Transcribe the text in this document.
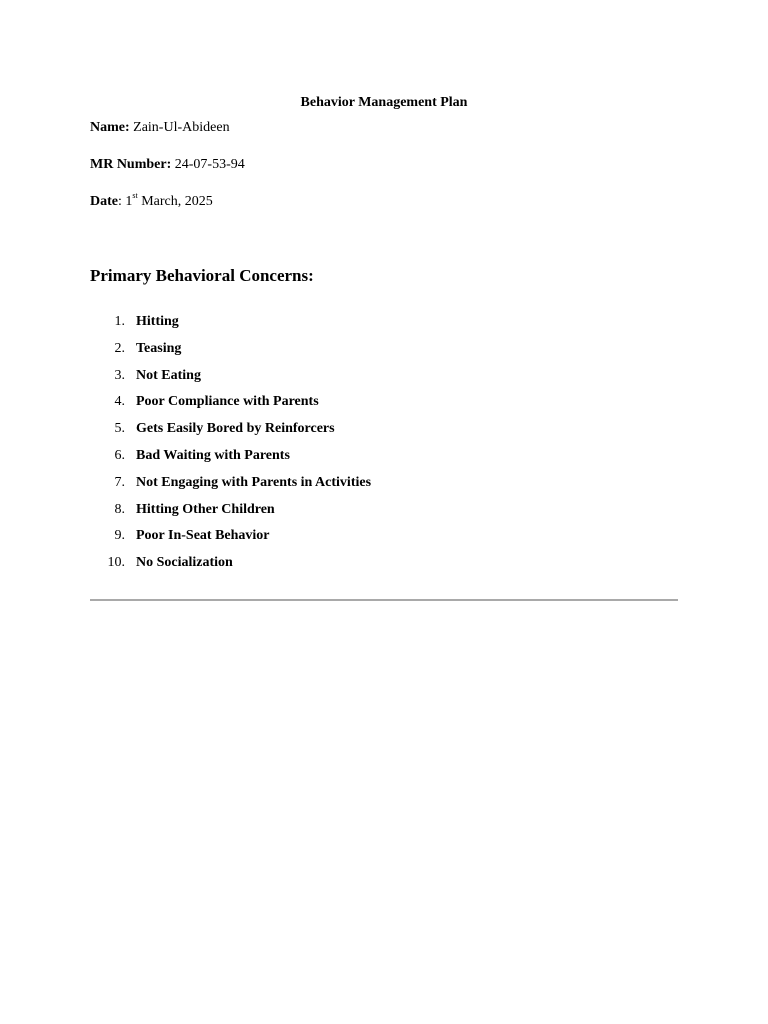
Behavior Management Plan
Name: Zain-Ul-Abideen
MR Number: 24-07-53-94
Date: 1st March, 2025
Primary Behavioral Concerns:
1. Hitting
2. Teasing
3. Not Eating
4. Poor Compliance with Parents
5. Gets Easily Bored by Reinforcers
6. Bad Waiting with Parents
7. Not Engaging with Parents in Activities
8. Hitting Other Children
9. Poor In-Seat Behavior
10. No Socialization
